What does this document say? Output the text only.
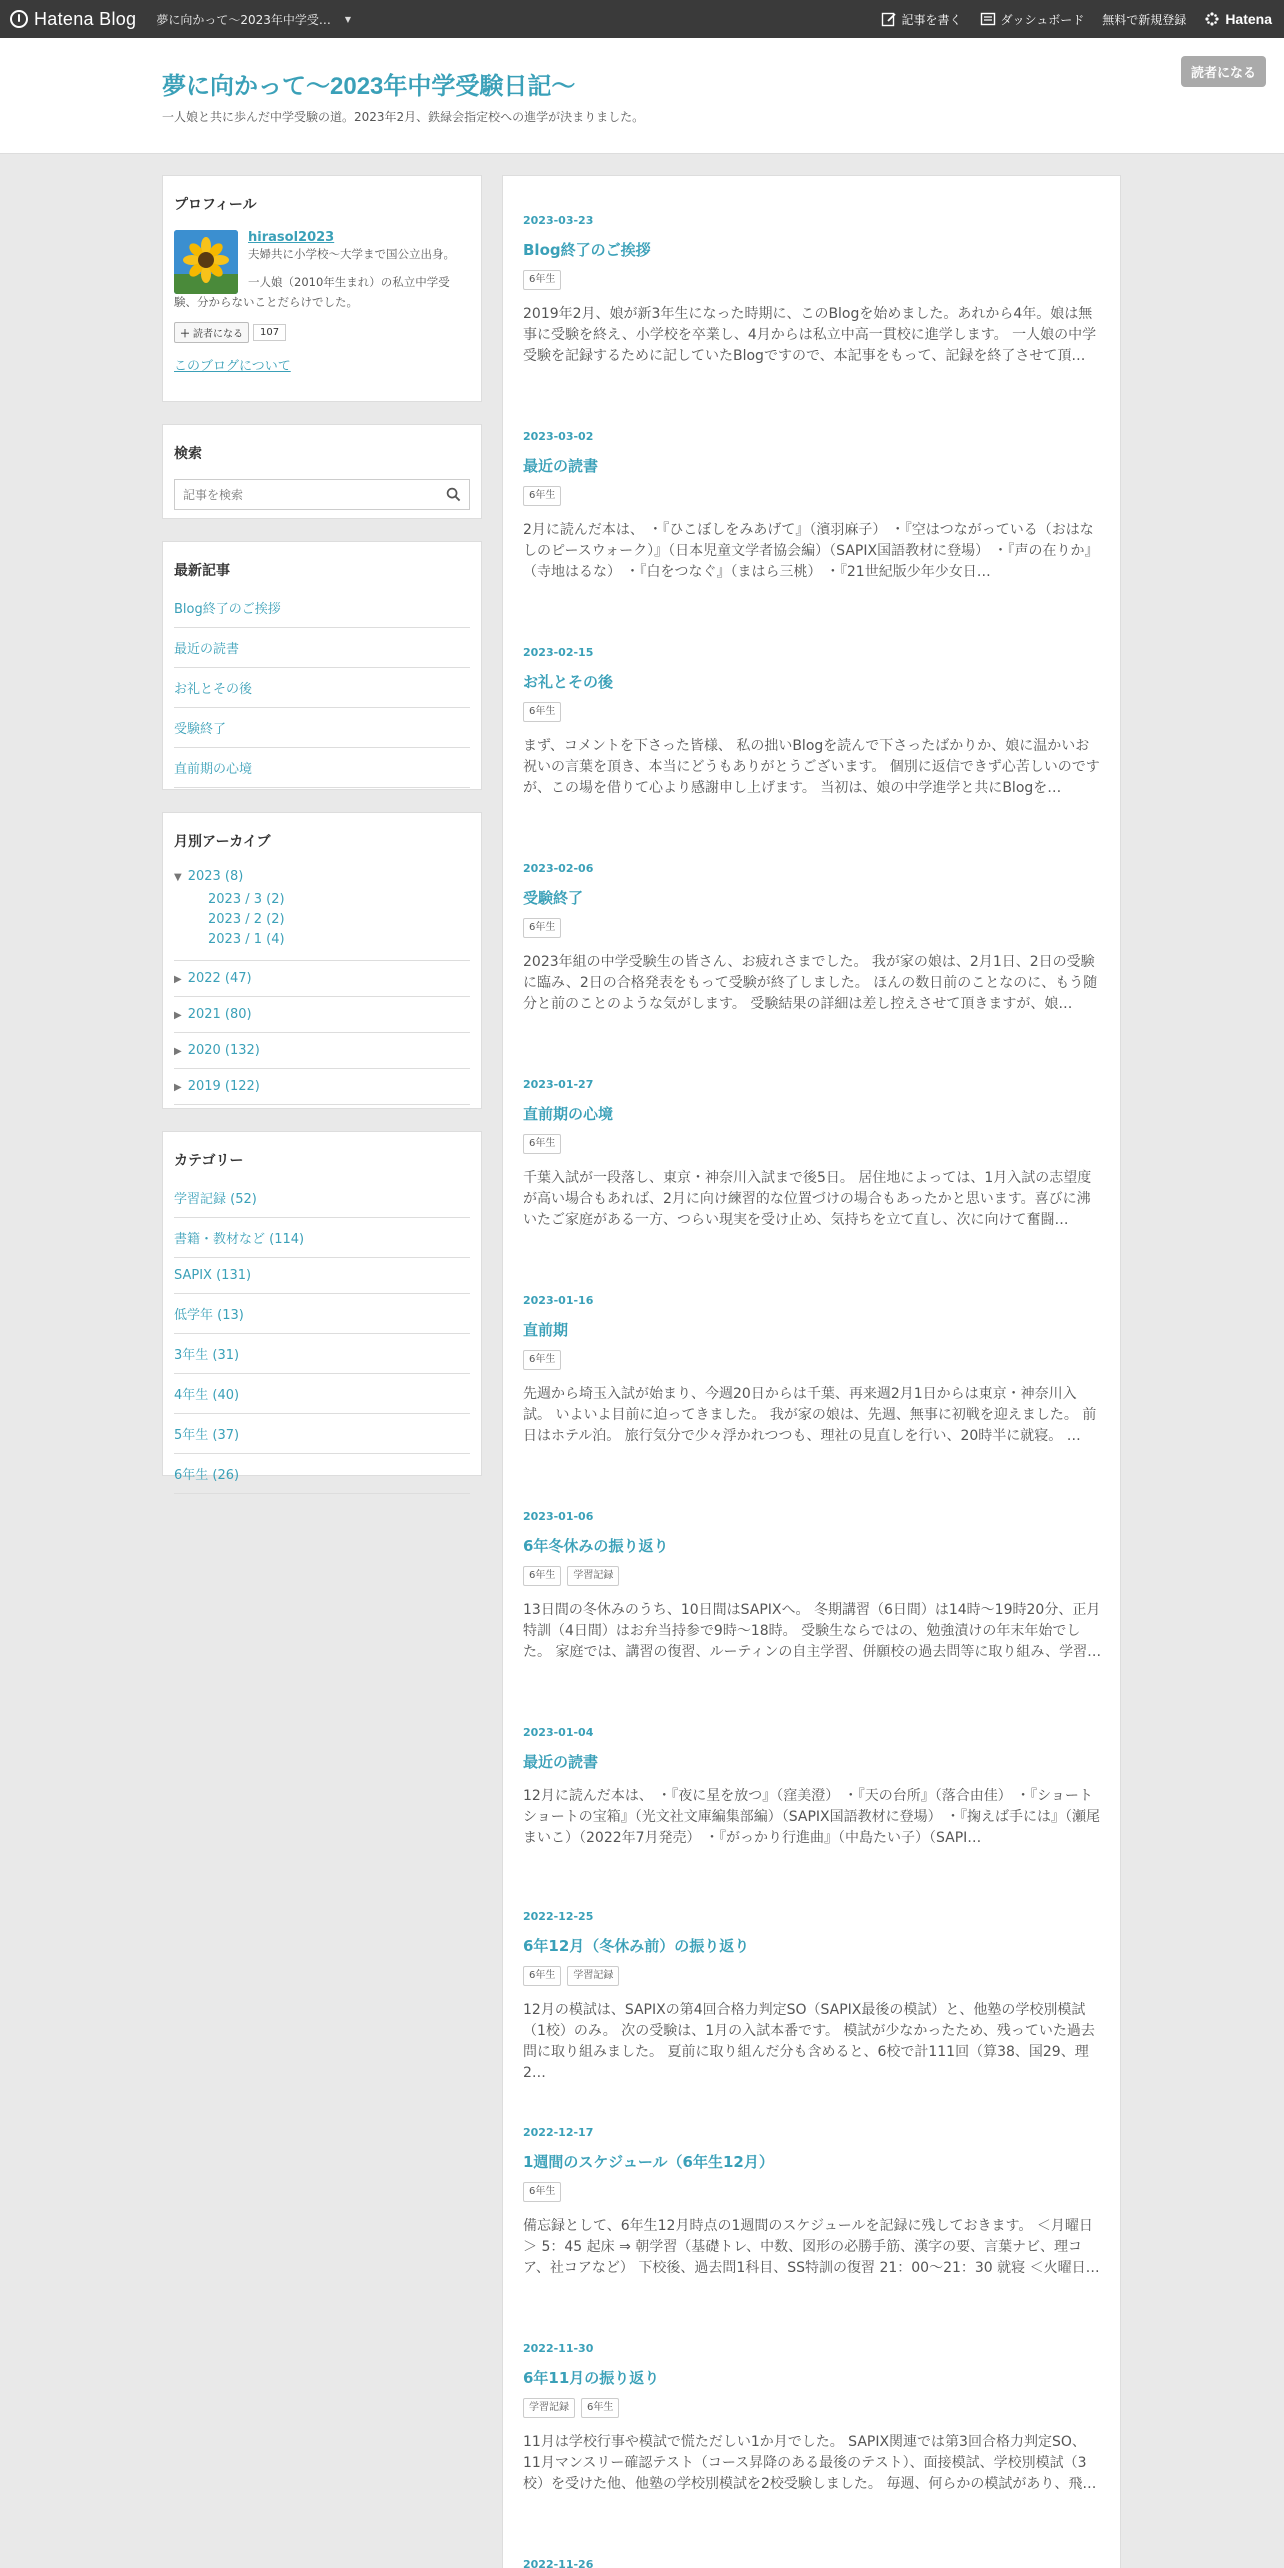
Hatena Blog 夢に向かって～2023年中学受… ▼	記事を書く	ダッシュボード 無料で新規登録	Hatena
夢に向かって～2023年中学受験日記～
一人娘と共に歩んだ中学受験の道。2023年2月、鉄緑会指定校への進学が決まりました。
読者になる
プロフィール
hirasol2023
夫婦共に小学校～大学まで国公立出身。
一人娘（2010年生まれ）の私立中学受験、分からないことだらけでした。
＋ 読者になる	107
このブログについて
検索
記事を検索
最新記事
Blog終了のご挨拶
最近の読書
お礼とその後
受験終了
直前期の心境
月別アーカイブ
▼ 2023 (8)
2023 / 3 (2)
2023 / 2 (2)
2023 / 1 (4)
▶ 2022 (47)
▶ 2021 (80)
▶ 2020 (132)
▶ 2019 (122)
カテゴリー
学習記録 (52)
書籍・教材など (114)
SAPIX (131)
低学年 (13)
3年生 (31)
4年生 (40)
5年生 (37)
6年生 (26)
2023-03-23
Blog終了のご挨拶
6年生
2019年2月、娘が新3年生になった時期に、このBlogを始めました。あれから4年。娘は無事に受験を終え、小学校を卒業し、4月からは私立中高一貫校に進学します。 一人娘の中学受験を記録するために記していたBlogですので、本記事をもって、記録を終了させて頂…
2023-03-02
最近の読書
6年生
2月に読んだ本は、 ・『ひこぼしをみあげて』（濱羽麻子） ・『空はつながっている（おはなしのピースウォーク）』（日本児童文学者協会編）（SAPIX国語教材に登場） ・『声の在りか』（寺地はるな） ・『白をつなぐ』（まはら三桃） ・『21世紀版少年少女日…
2023-02-15
お礼とその後
6年生
まず、コメントを下さった皆様、 私の拙いBlogを読んで下さったばかりか、娘に温かいお祝いの言葉を頂き、本当にどうもありがとうございます。 個別に返信できず心苦しいのですが、この場を借りて心より感謝申し上げます。 当初は、娘の中学進学と共にBlogを…
2023-02-06
受験終了
6年生
2023年組の中学受験生の皆さん、お疲れさまでした。 我が家の娘は、2月1日、2日の受験に臨み、2日の合格発表をもって受験が終了しました。 ほんの数日前のことなのに、もう随分と前のことのような気がします。 受験結果の詳細は差し控えさせて頂きますが、娘…
2023-01-27
直前期の心境
6年生
千葉入試が一段落し、東京・神奈川入試まで後5日。 居住地によっては、1月入試の志望度が高い場合もあれば、2月に向け練習的な位置づけの場合もあったかと思います。喜びに沸いたご家庭がある一方、つらい現実を受け止め、気持ちを立て直し、次に向けて奮闘…
2023-01-16
直前期
6年生
先週から埼玉入試が始まり、今週20日からは千葉、再来週2月1日からは東京・神奈川入試。 いよいよ目前に迫ってきました。 我が家の娘は、先週、無事に初戦を迎えました。 前日はホテル泊。 旅行気分で少々浮かれつつも、理社の見直しを行い、20時半に就寝。 …
2023-01-06
6年冬休みの振り返り
6年生	学習記録
13日間の冬休みのうち、10日間はSAPIXへ。 冬期講習（6日間）は14時～19時20分、正月特訓（4日間）はお弁当持参で9時～18時。 受験生ならではの、勉強漬けの年末年始でした。 家庭では、講習の復習、ルーティンの自主学習、併願校の過去問等に取り組み、学習…
2023-01-04
最近の読書
12月に読んだ本は、 ・『夜に星を放つ』（窪美澄） ・『天の台所』（落合由佳） ・『ショートショートの宝箱』（光文社文庫編集部編）（SAPIX国語教材に登場） ・『掬えば手には』（瀬尾まいこ）（2022年7月発売） ・『がっかり行進曲』（中島たい子）（SAPI…
2022-12-25
6年12月（冬休み前）の振り返り
6年生	学習記録
12月の模試は、SAPIXの第4回合格力判定SO（SAPIX最後の模試）と、他塾の学校別模試（1校）のみ。 次の受験は、1月の入試本番です。 模試が少なかったため、残っていた過去問に取り組みました。 夏前に取り組んだ分も含めると、6校で計111回（算38、国29、理2…
2022-12-17
1週間のスケジュール（6年生12月）
6年生
備忘録として、6年生12月時点の1週間のスケジュールを記録に残しておきます。 ＜月曜日＞ 5：45 起床 ⇒ 朝学習（基礎トレ、中数、図形の必勝手筋、漢字の要、言葉ナビ、理コア、社コアなど） 下校後、過去問1科目、SS特訓の復習 21：00～21：30 就寝 ＜火曜日…
2022-11-30
6年11月の振り返り
学習記録	6年生
11月は学校行事や模試で慌ただしい1か月でした。 SAPIX関連では第3回合格力判定SO、11月マンスリー確認テスト（コース昇降のある最後のテスト）、面接模試、学校別模試（3校）を受けた他、他塾の学校別模試を2校受験しました。 毎週、何らかの模試があり、飛…
2022-11-26
